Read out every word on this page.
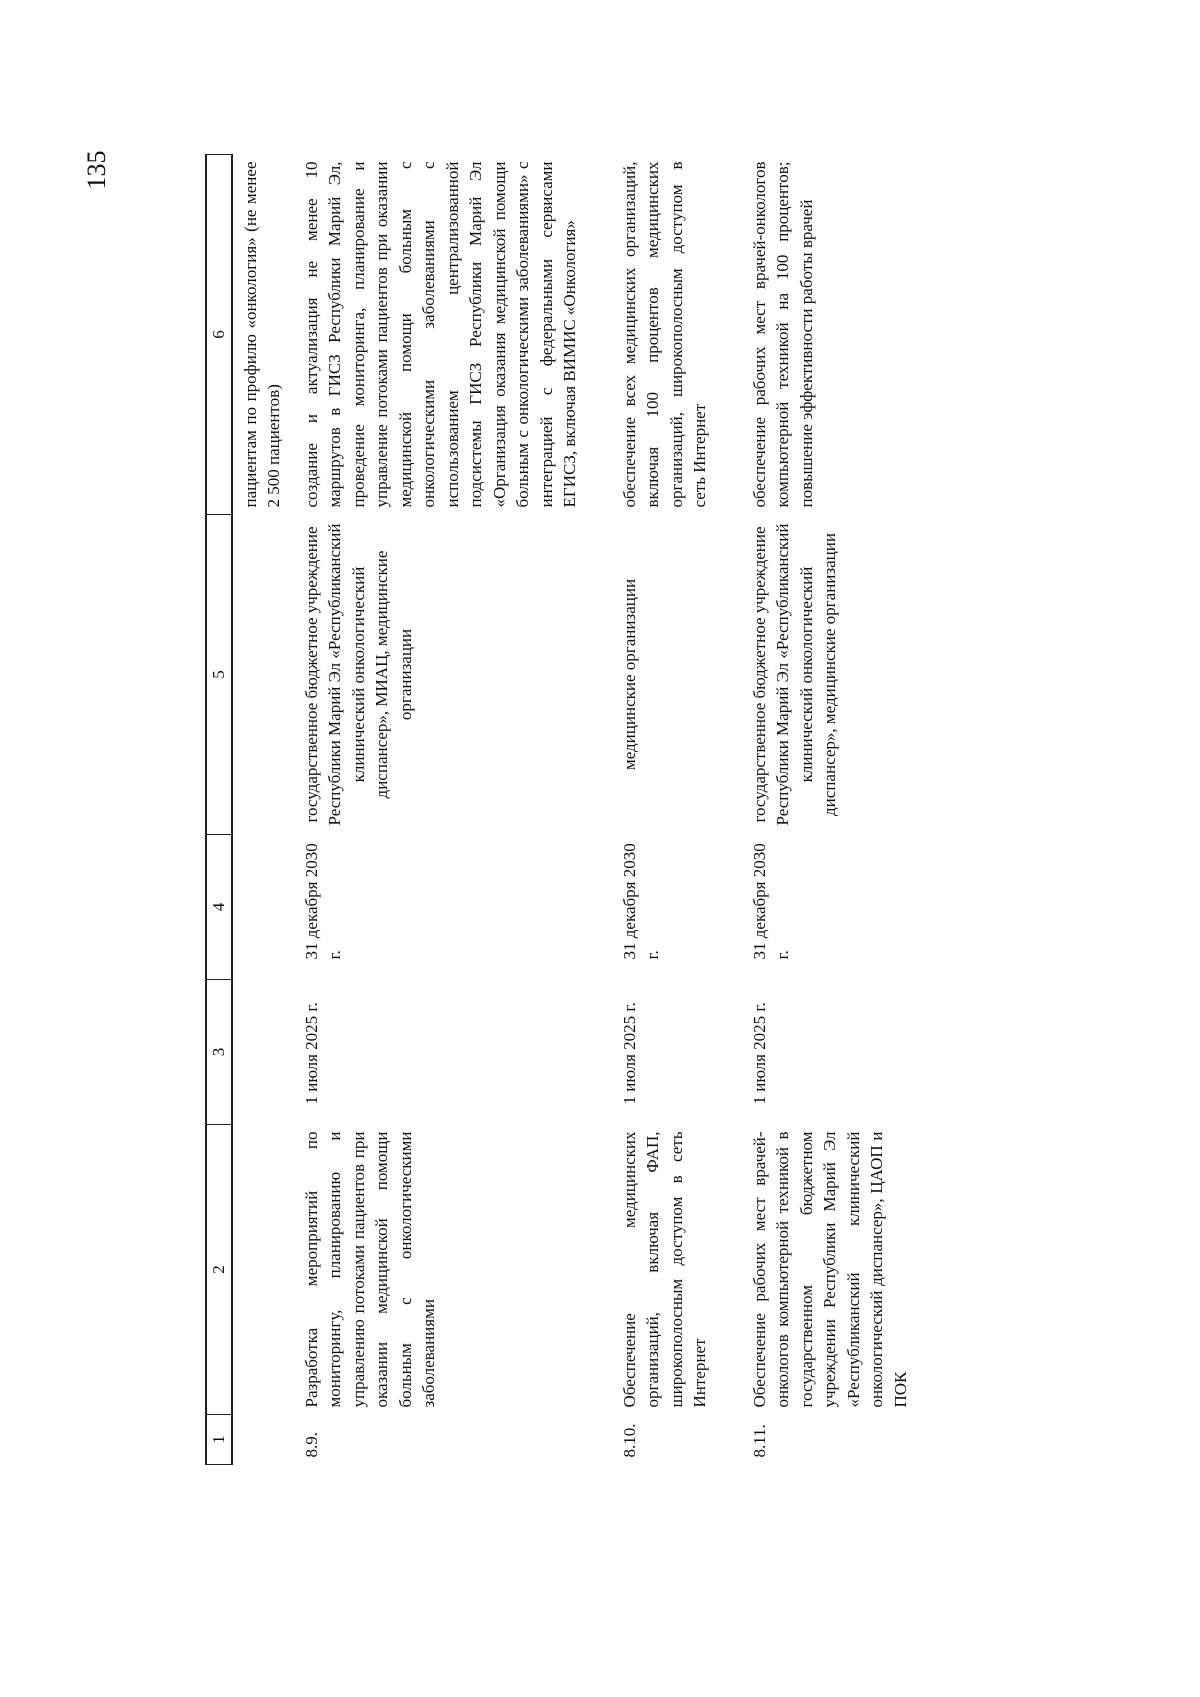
135
1	2	3	4	5	6
					пациентам по профилю «онкология» (не менее 2 500 пациентов)
8.9.	Разработка мероприятий по мониторингу, планированию и управлению потоками пациентов при оказании медицинской помощи больным с онкологическими заболеваниями	1 июля 2025 г.	31 декабря 2030 г.	государственное бюджетное учреждение Республики Марий Эл «Республиканский клинический онкологический диспансер», МИАЦ, медицинские организации	создание и актуализация не менее 10 маршрутов в ГИСЗ Республики Марий Эл, проведение мониторинга, планирование и управление потоками пациентов при оказании медицинской помощи больным с онкологическими заболеваниями с использованием централизованной подсистемы ГИСЗ Республики Марий Эл «Организация оказания медицинской помощи больным с онкологическими заболеваниями» с интеграцией с федеральными сервисами ЕГИСЗ, включая ВИМИС «Онкология»
8.10.	Обеспечение медицинских организаций, включая ФАП, широкополосным доступом в сеть Интернет	1 июля 2025 г.	31 декабря 2030 г.	медицинские организации	обеспечение всех медицинских организаций, включая 100 процентов медицинских организаций, широкополосным доступом в сеть Интернет
8.11.	Обеспечение рабочих мест врачей-онкологов компьютерной техникой в государственном бюджетном учреждении Республики Марий Эл «Республиканский клинический онкологический диспансер», ЦАОП и ПОК	1 июля 2025 г.	31 декабря 2030 г.	государственное бюджетное учреждение Республики Марий Эл «Республиканский клинический онкологический диспансер», медицинские организации	обеспечение рабочих мест врачей-онкологов компьютерной техникой на 100 процентов; повышение эффективности работы врачей
